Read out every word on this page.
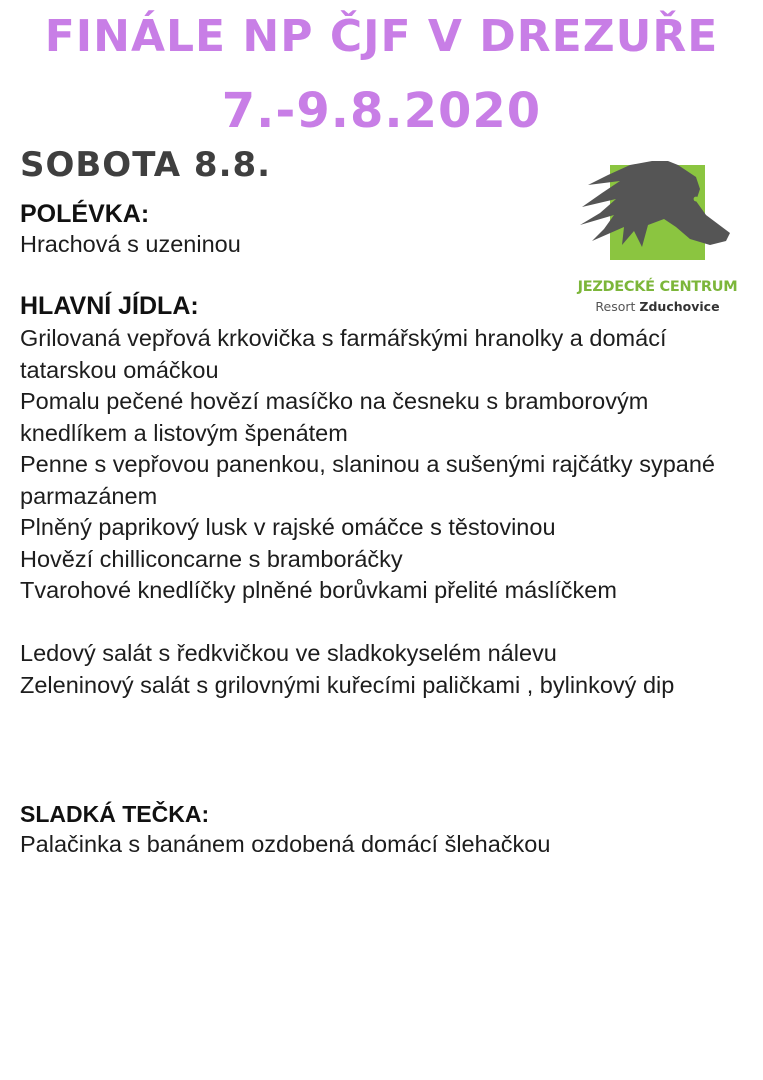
FINÁLE NP ČJF V DREZUŘE
7.-9.8.2020
SOBOTA 8.8.
JEZDECKÉ CENTRUM
Resort Zduchovice
POLÉVKA:
Hrachová s uzeninou
HLAVNÍ JÍDLA:
Grilovaná vepřová krkovička s farmářskými hranolky a domácí tatarskou omáčkou
Pomalu pečené hovězí masíčko na česneku s bramborovým knedlíkem a listovým špenátem
Penne s vepřovou panenkou, slaninou a sušenými rajčátky sypané parmazánem
Plněný paprikový lusk v rajské omáčce s těstovinou
Hovězí chilliconcarne s bramboráčky
Tvarohové knedlíčky plněné borůvkami přelité máslíčkem
Ledový salát s ředkvičkou ve sladkokyselém nálevu
Zeleninový salát s grilovnými kuřecími paličkami , bylinkový dip
SLADKÁ TEČKA:
Palačinka s banánem ozdobená domácí šlehačkou
